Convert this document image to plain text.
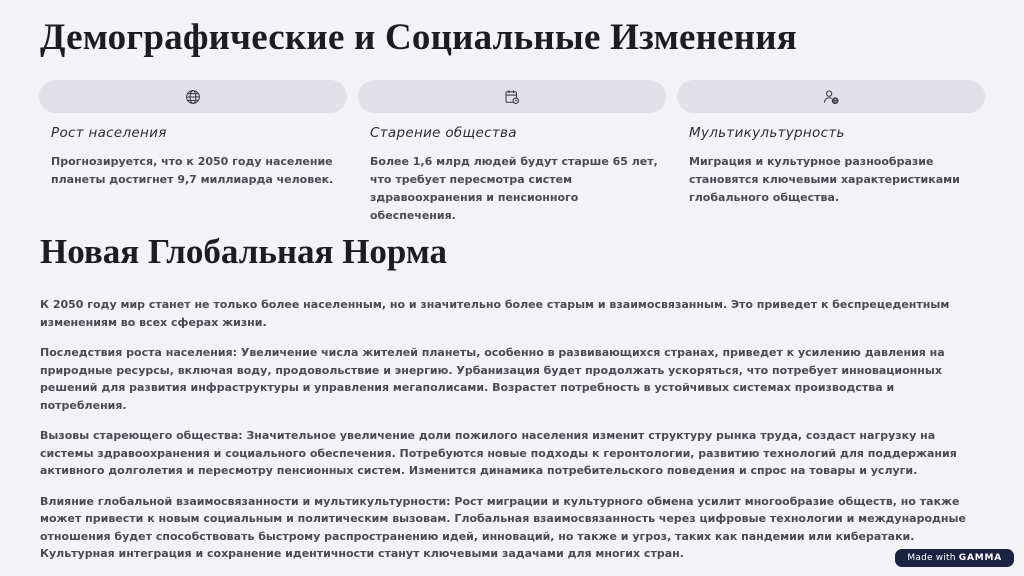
Демографические и Социальные Изменения
Рост населения
Прогнозируется, что к 2050 году население планеты достигнет 9,7 миллиарда человек.
Старение общества
Более 1,6 млрд людей будут старше 65 лет, что требует пересмотра систем здравоохранения и пенсионного обеспечения.
Мультикультурность
Миграция и культурное разнообразие становятся ключевыми характеристиками глобального общества.
Новая Глобальная Норма

К 2050 году мир станет не только более населенным, но и значительно более старым и взаимосвязанным. Это приведет к беспрецедентным изменениям во всех сферах жизни.

Последствия роста населения: Увеличение числа жителей планеты, особенно в развивающихся странах, приведет к усилению давления на природные ресурсы, включая воду, продовольствие и энергию. Урбанизация будет продолжать ускоряться, что потребует инновационных решений для развития инфраструктуры и управления мегаполисами. Возрастет потребность в устойчивых системах производства и потребления.

Вызовы стареющего общества: Значительное увеличение доли пожилого населения изменит структуру рынка труда, создаст нагрузку на системы здравоохранения и социального обеспечения. Потребуются новые подходы к геронтологии, развитию технологий для поддержания активного долголетия и пересмотру пенсионных систем. Изменится динамика потребительского поведения и спрос на товары и услуги.

Влияние глобальной взаимосвязанности и мультикультурности: Рост миграции и культурного обмена усилит многообразие обществ, но также может привести к новым социальным и политическим вызовам. Глобальная взаимосвязанность через цифровые технологии и международные отношения будет способствовать быстрому распространению идей, инноваций, но также и угроз, таких как пандемии или кибератаки. Культурная интеграция и сохранение идентичности станут ключевыми задачами для многих стран.	Made with GAMMA
